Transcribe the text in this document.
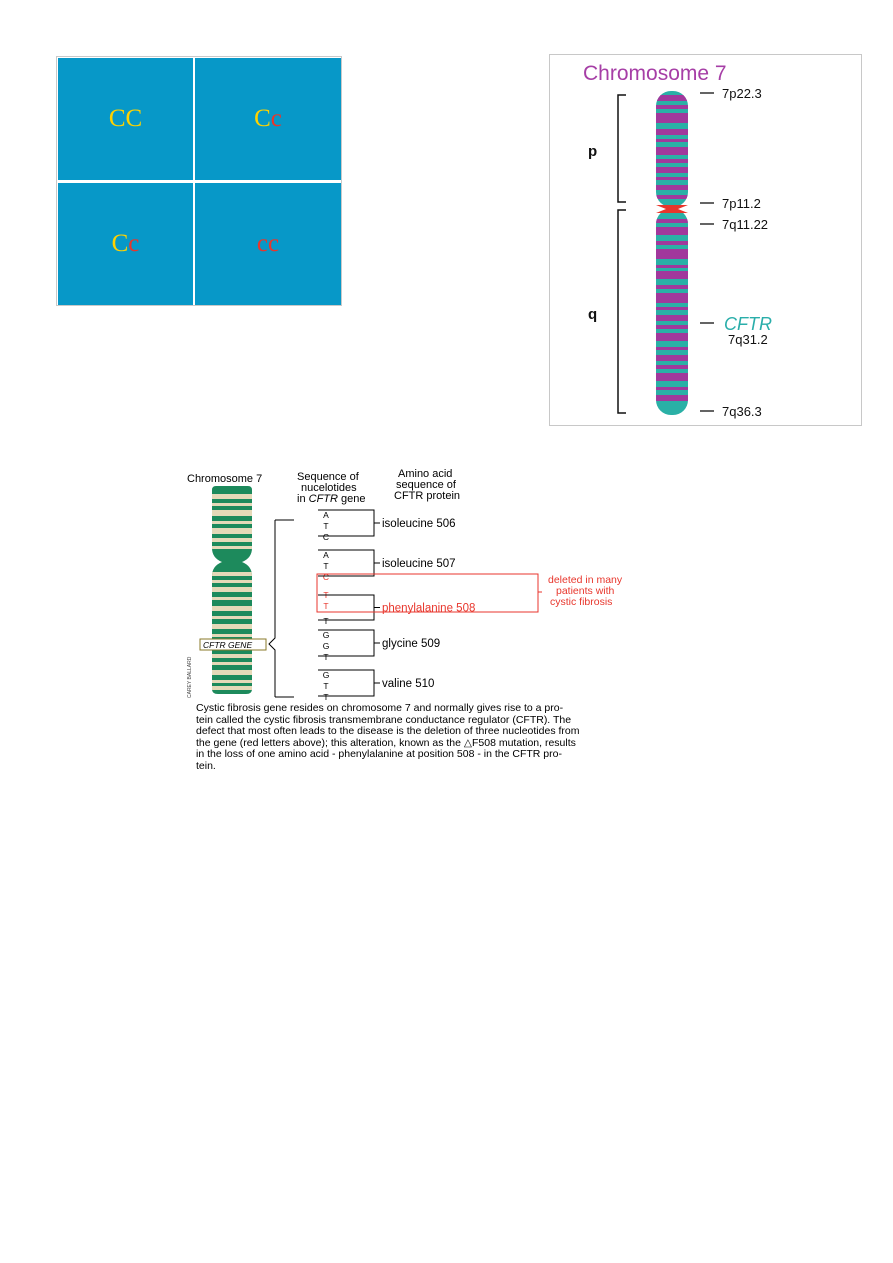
C C	C c
C c	c c
Chromosome 7
p
q
7p22.3
7p11.2
7q11.22
CFTR
7q31.2
7q36.3
Chromosome 7	Sequence of
nucelotides
in CFTR gene
Amino acid
sequence of
CFTR protein
CAREY BALLARD
CFTR GENE
A
T
C
isoleucine 506
A
T
C
isoleucine 507
T
T
T
phenylalanine 508
G
G
T
glycine 509
G
T
T
valine 510
deleted in many
patients with
cystic fibrosis
Cystic fibrosis gene resides on chromosome 7 and normally gives rise to a pro-
tein called the cystic fibrosis transmembrane conductance regulator (CFTR). The
defect that most often leads to the disease is the deletion of three nucleotides from
the gene (red letters above); this alteration, known as the △F508 mutation, results
in the loss of one amino acid - phenylalanine at position 508 - in the CFTR pro-
tein.
